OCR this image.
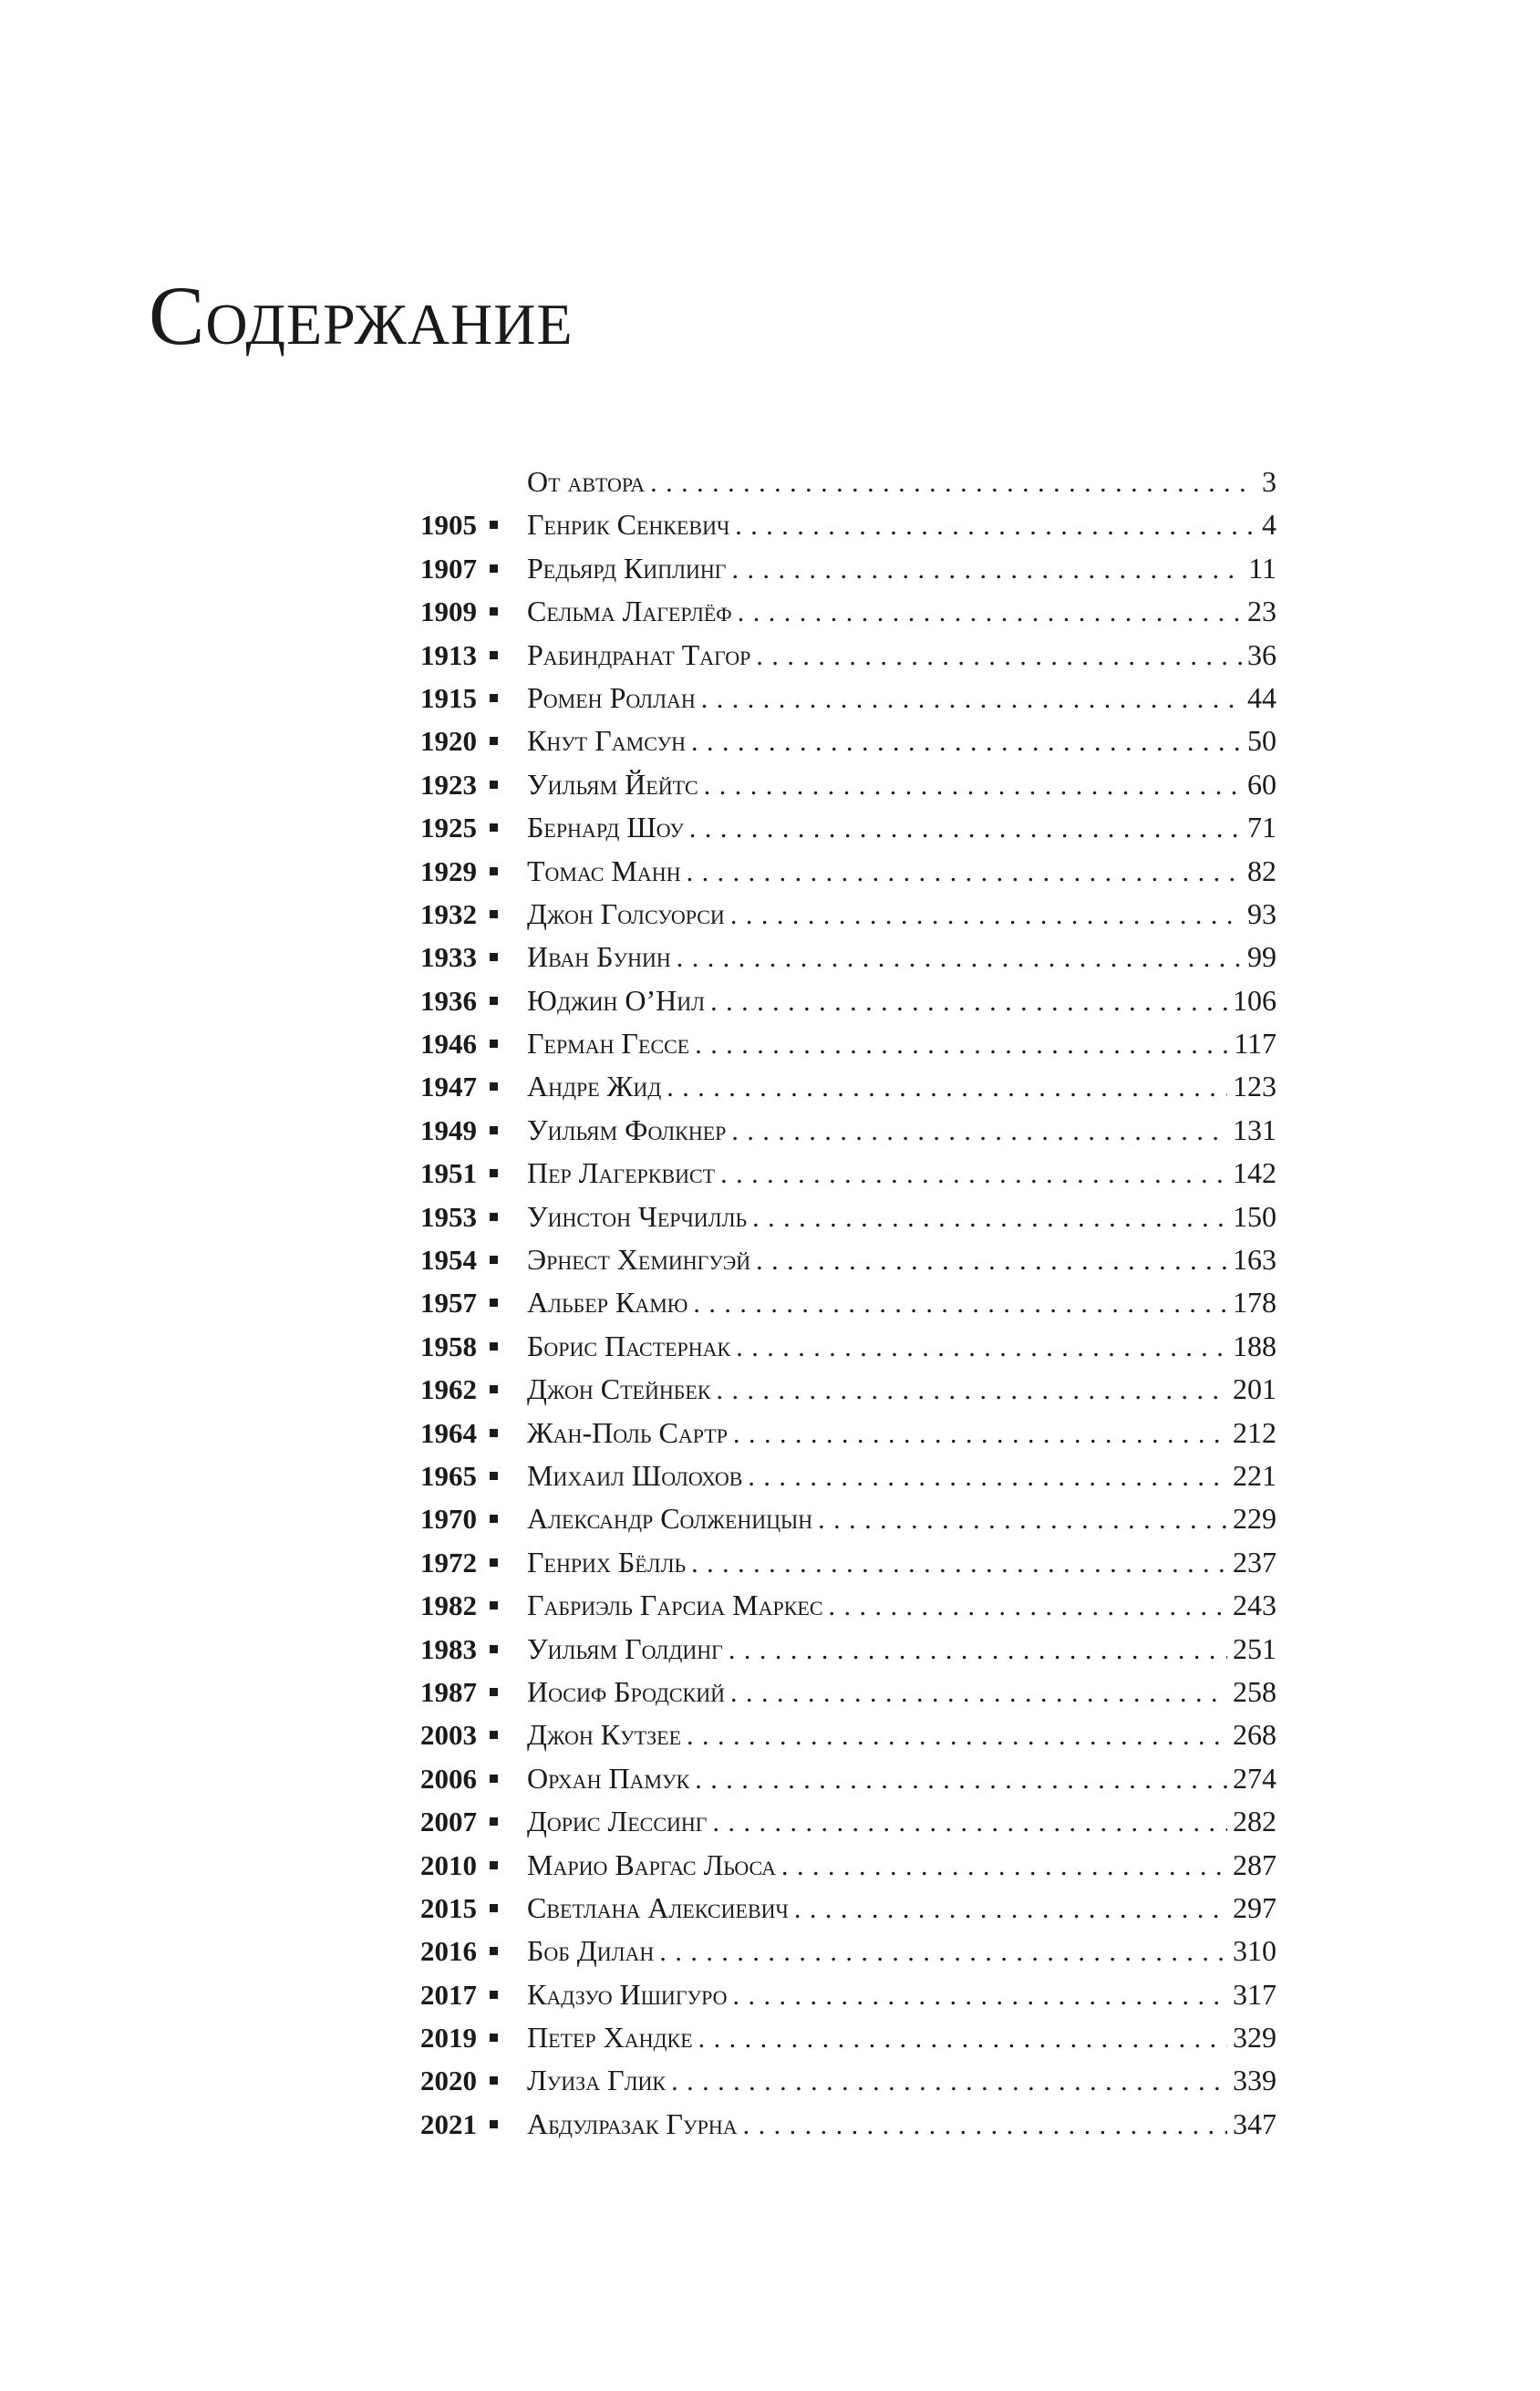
Содержание
От автора . . .	3
1905 Генрик Сенкевич . . .	4
1907 Редьярд Киплинг . . .	11
1909 Сельма Лагерлёф . . .	23
1913 Рабиндранат Тагор . . .	36
1915 Ромен Роллан . . .	44
1920 Кнут Гамсун . . .	50
1923 Уильям Йейтс . . .	60
1925 Бернард Шоу . . .	71
1929 Томас Манн . . .	82
1932 Джон Голсуорси . . .	93
1933 Иван Бунин . . .	99
1936 Юджин О’Нил . . .	106
1946 Герман Гессе . . .	117
1947 Андре Жид . . .	123
1949 Уильям Фолкнер . . .	131
1951 Пер Лагерквист . . .	142
1953 Уинстон Черчилль . . .	150
1954 Эрнест Хемингуэй . . .	163
1957 Альбер Камю . . .	178
1958 Борис Пастернак . . .	188
1962 Джон Стейнбек . . .	201
1964 Жан-Поль Сартр . . .	212
1965 Михаил Шолохов . . .	221
1970 Александр Солженицын . . .	229
1972 Генрих Бёлль . . .	237
1982 Габриэль Гарсиа Маркес . . .	243
1983 Уильям Голдинг . . .	251
1987 Иосиф Бродский . . .	258
2003 Джон Кутзее . . .	268
2006 Орхан Памук . . .	274
2007 Дорис Лессинг . . .	282
2010 Марио Варгас Льоса . . .	287
2015 Светлана Алексиевич . . .	297
2016 Боб Дилан . . .	310
2017 Кадзуо Ишигуро . . .	317
2019 Петер Хандке . . .	329
2020 Луиза Глик . . .	339
2021 Абдулразак Гурна . . .	347
